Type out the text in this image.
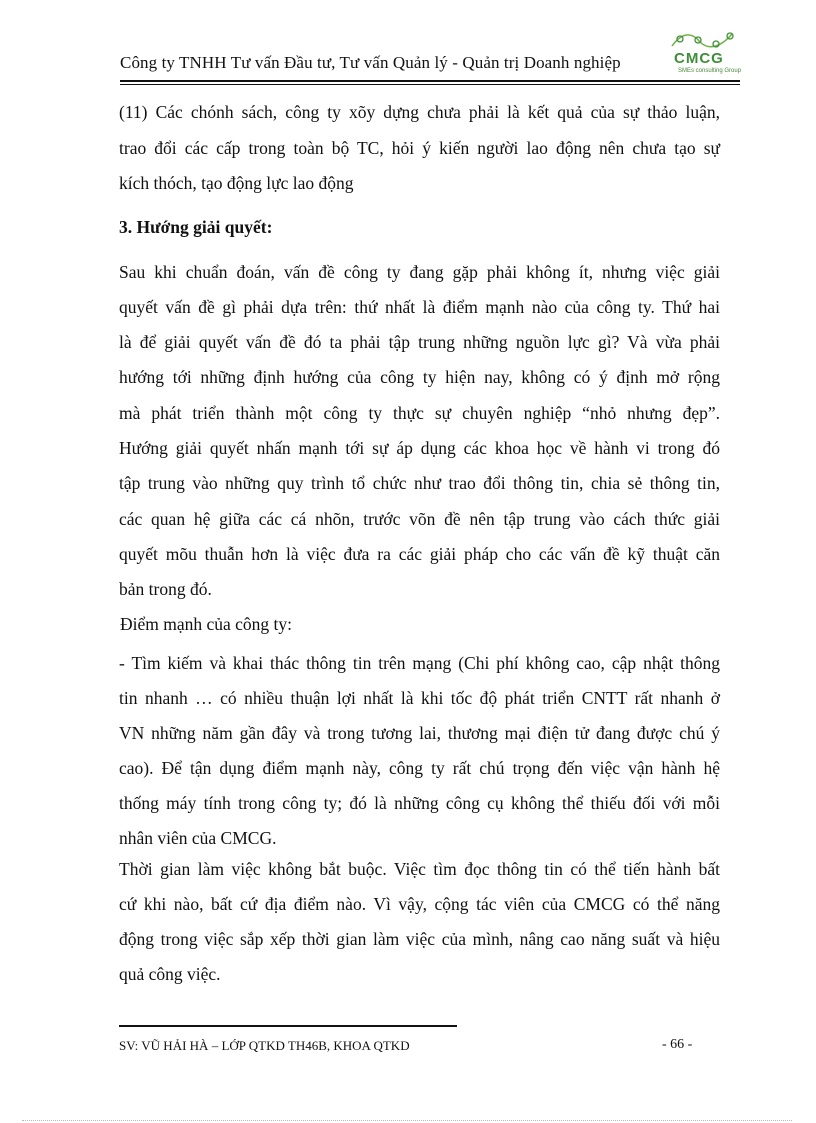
Công ty TNHH Tư vấn Đầu tư, Tư vấn Quản lý - Quản trị Doanh nghiệp	CMCG
SMEs consulting Group
(11) Các chónh sách, công ty xõy dựng chưa phải là kết quả của sự thảo luận,
trao đổi các cấp trong toàn bộ TC, hỏi ý kiến người lao động nên chưa tạo sự
kích thóch, tạo động lực lao động
3. Hướng giải quyết:
Sau khi chuẩn đoán, vấn đề công ty đang gặp phải không ít, nhưng việc giải
quyết vấn đề gì phải dựa trên: thứ nhất là điểm mạnh nào của công ty. Thứ hai
là để giải quyết vấn đề đó ta phải tập trung những nguồn lực gì? Và vừa phải
hướng tới những định hướng của công ty hiện nay, không có ý định mở rộng
mà phát triển thành một công ty thực sự chuyên nghiệp “nhỏ nhưng đẹp”.
Hướng giải quyết nhấn mạnh tới sự áp dụng các khoa học về hành vi trong đó
tập trung vào những quy trình tổ chức như trao đổi thông tin, chia sẻ thông tin,
các quan hệ giữa các cá nhõn, trước võn đề nên tập trung vào cách thức giải
quyết mõu thuẫn hơn là việc đưa ra các giải pháp cho các vấn đề kỹ thuật căn
bản trong đó.
Điểm mạnh của công ty:
- Tìm kiếm và khai thác thông tin trên mạng (Chi phí không cao, cập nhật thông
tin nhanh … có nhiều thuận lợi nhất là khi tốc độ phát triển CNTT rất nhanh ở
VN những năm gần đây và trong tương lai, thương mại điện tử đang được chú ý
cao). Để tận dụng điểm mạnh này, công ty rất chú trọng đến việc vận hành hệ
thống máy tính trong công ty; đó là những công cụ không thể thiếu đối với mỗi
nhân viên của CMCG.
Thời gian làm việc không bắt buộc. Việc tìm đọc thông tin có thể tiến hành bất
cứ khi nào, bất cứ địa điểm nào. Vì vậy, cộng tác viên của CMCG có thể năng
động trong việc sắp xếp thời gian làm việc của mình, nâng cao năng suất và hiệu
quả công việc.
SV: VŨ HẢI HÀ – LỚP QTKD TH46B, KHOA QTKD	- 66 -
